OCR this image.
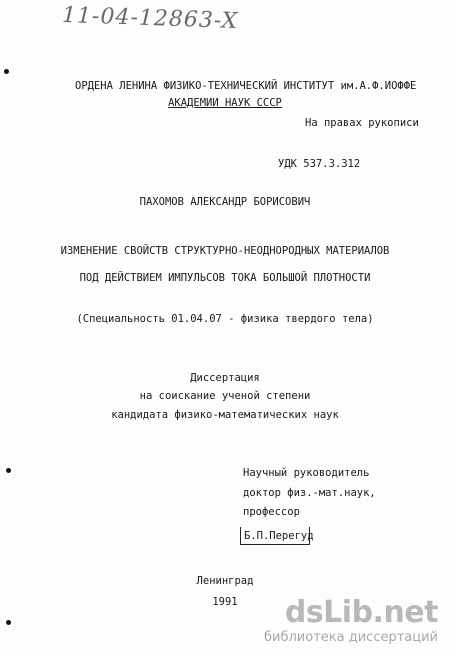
11-04-12863-X
ОРДЕНА ЛЕНИНА ФИЗИКО-ТЕХНИЧЕСКИЙ ИНСТИТУТ им.А.Ф.ИОФФЕ
АКАДЕМИИ НАУК СССР
На правах рукописи
УДК 537.3.312
ПАХОМОВ АЛЕКСАНДР БОРИСОВИЧ
ИЗМЕНЕНИЕ СВОЙСТВ СТРУКТУРНО-НЕОДНОРОДНЫХ МАТЕРИАЛОВ
ПОД ДЕЙСТВИЕМ ИМПУЛЬСОВ ТОКА БОЛЬШОЙ ПЛОТНОСТИ
(Специальность 01.04.07 - физика твердого тела)
Диссертация
на соискание ученой степени
кандидата физико-математических наук
Научный руководитель
доктор физ.-мат.наук,
профессор
Б.П.Перегуд
Ленинград
1991	dsLib.net
библиотека диссертаций
